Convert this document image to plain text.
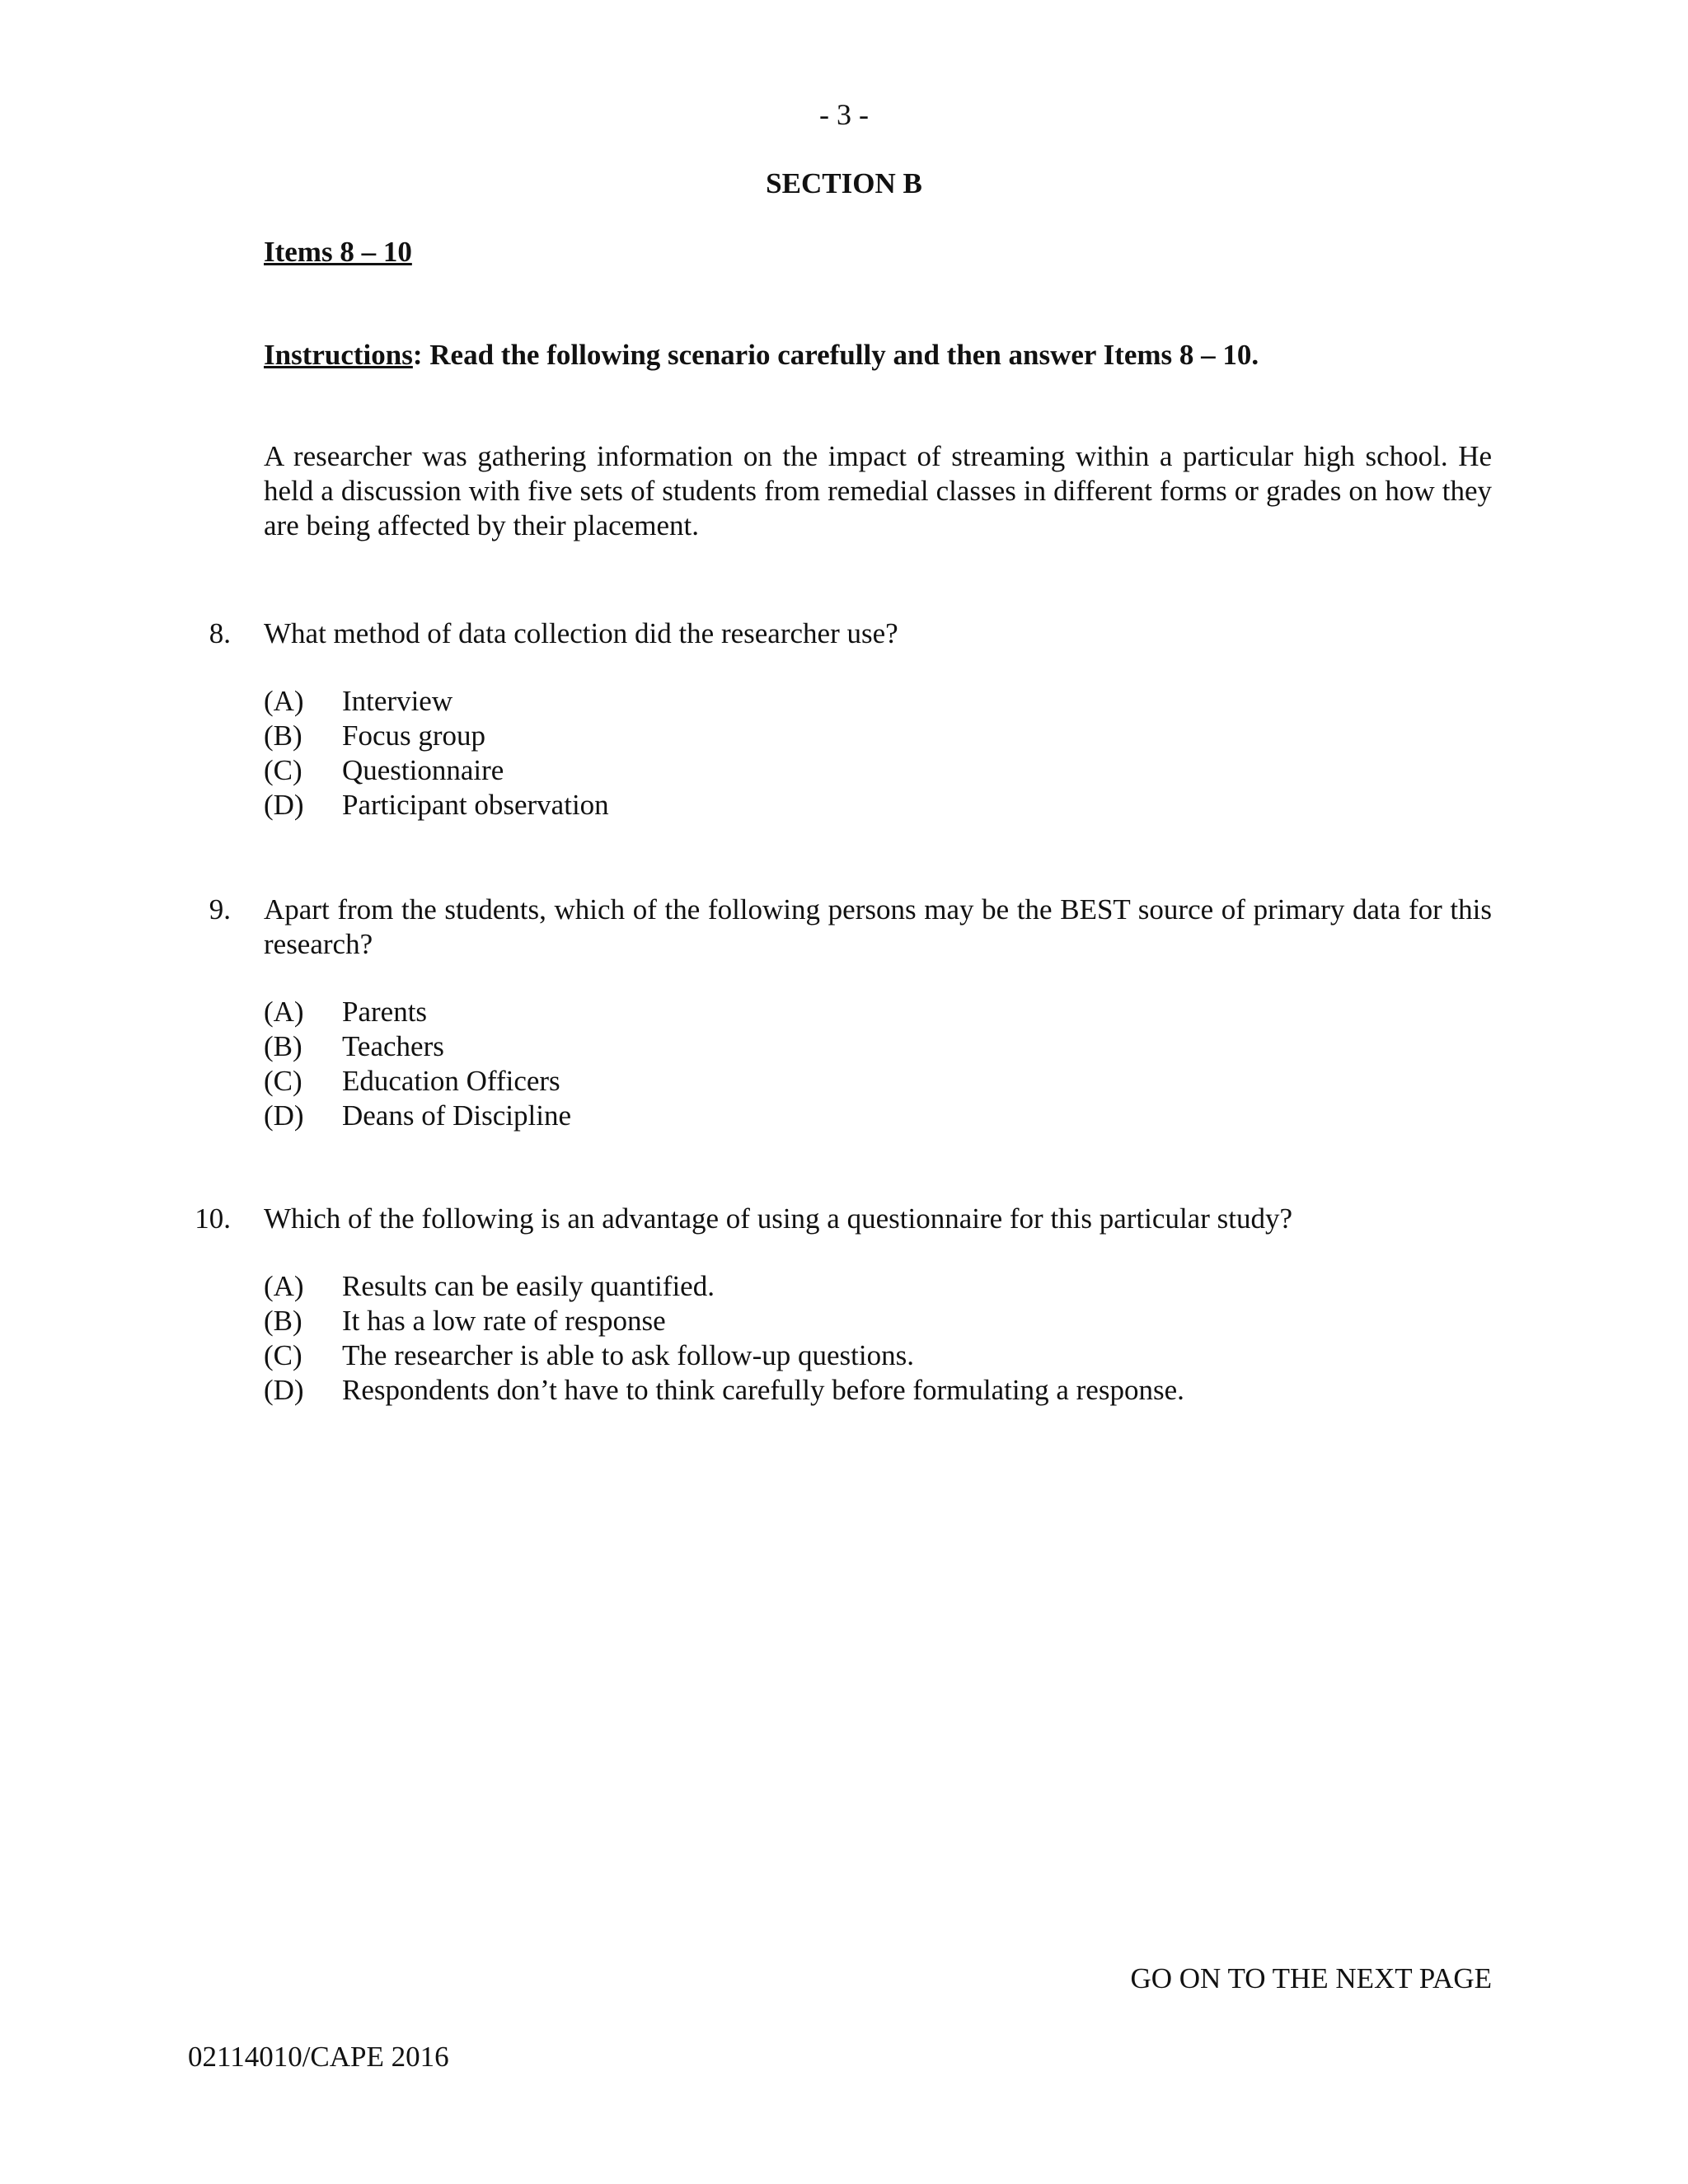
- 3 -
SECTION B
Items 8 – 10
Instructions: Read the following scenario carefully and then answer Items 8 – 10.
A researcher was gathering information on the impact of streaming within a particular high school. He held a discussion with five sets of students from remedial classes in different forms or grades on how they are being affected by their placement.
8. What method of data collection did the researcher use?
(A)	Interview
(B)	Focus group
(C)	Questionnaire
(D)	Participant observation
9. Apart from the students, which of the following persons may be the BEST source of primary data for this research?
(A)	Parents
(B)	Teachers
(C)	Education Officers
(D)	Deans of Discipline
10. Which of the following is an advantage of using a questionnaire for this particular study?
(A)	Results can be easily quantified.
(B)	It has a low rate of response
(C)	The researcher is able to ask follow-up questions.
(D)	Respondents don’t have to think carefully before formulating a response.
GO ON TO THE NEXT PAGE
02114010/CAPE 2016
